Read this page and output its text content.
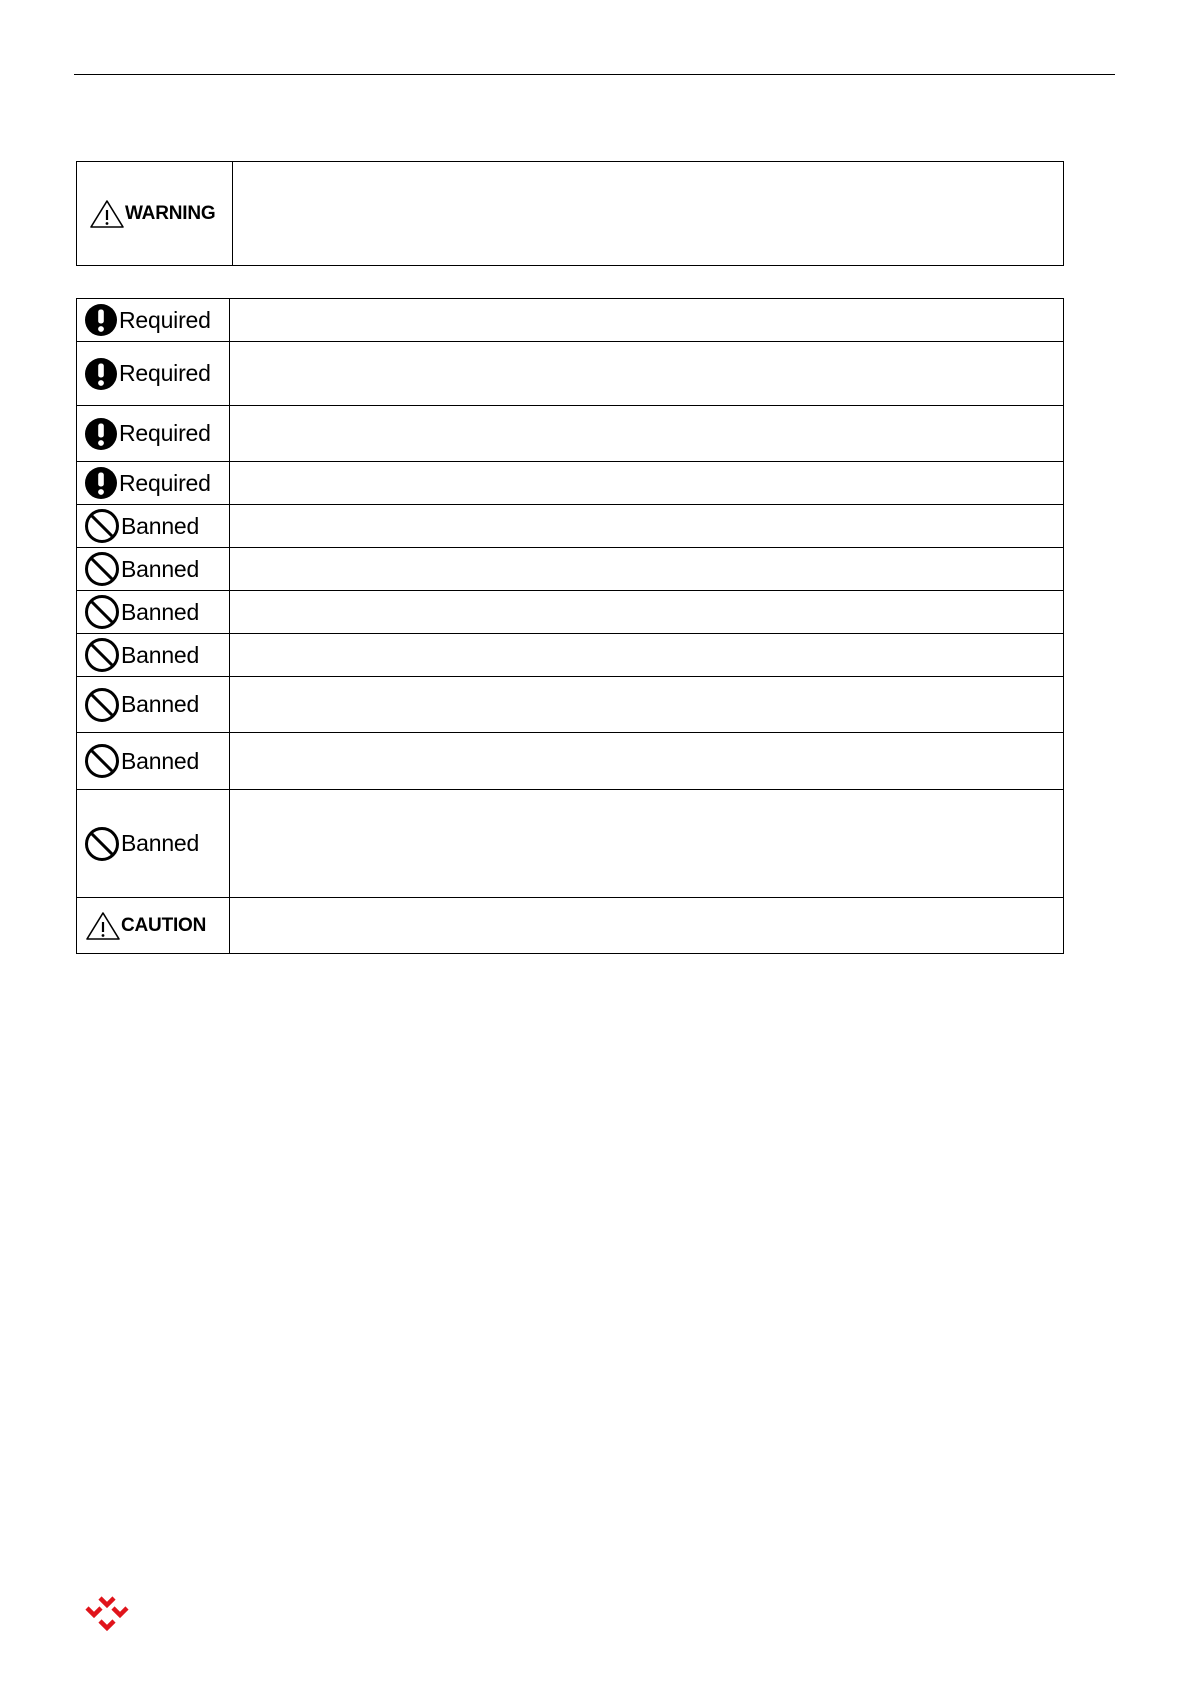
WARNING

Required	

Required	

Required	

Required	

Banned	

Banned	

Banned	

Banned	

Banned	

Banned	

Banned	

CAUTION	
